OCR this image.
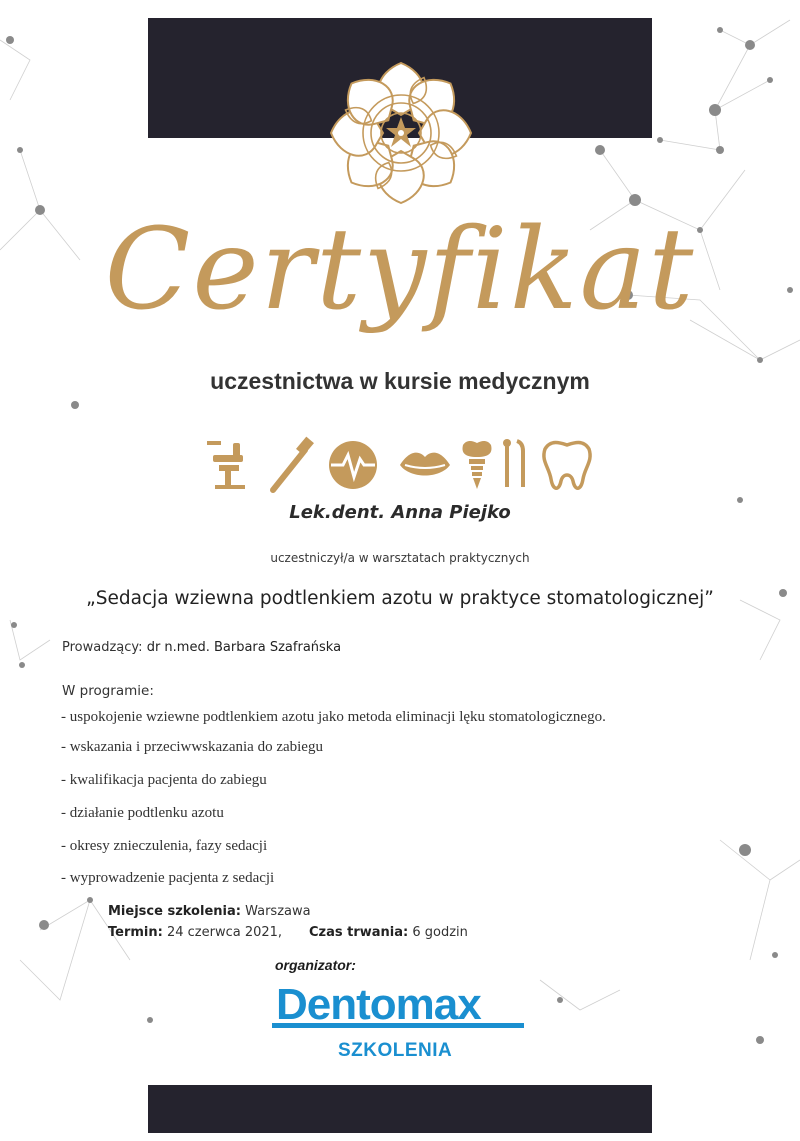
Certyfikat
uczestnictwa w kursie medycznym
Lek.dent. Anna Piejko
uczestniczył/a w warsztatach praktycznych
„Sedacja wziewna podtlenkiem azotu w praktyce stomatologicznej”
Prowadzący: dr n.med. Barbara Szafrańska
W programie:
- uspokojenie wziewne podtlenkiem azotu jako metoda eliminacji lęku stomatologicznego.
- wskazania i przeciwwskazania do zabiegu
- kwalifikacja pacjenta do zabiegu
- działanie podtlenku azotu
- okresy znieczulenia, fazy sedacji
- wyprowadzenie pacjenta z sedacji
Miejsce szkolenia: Warszawa
Termin: 24 czerwca 2021, Czas trwania: 6 godzin
organizator:
Dentomax
SZKOLENIA
